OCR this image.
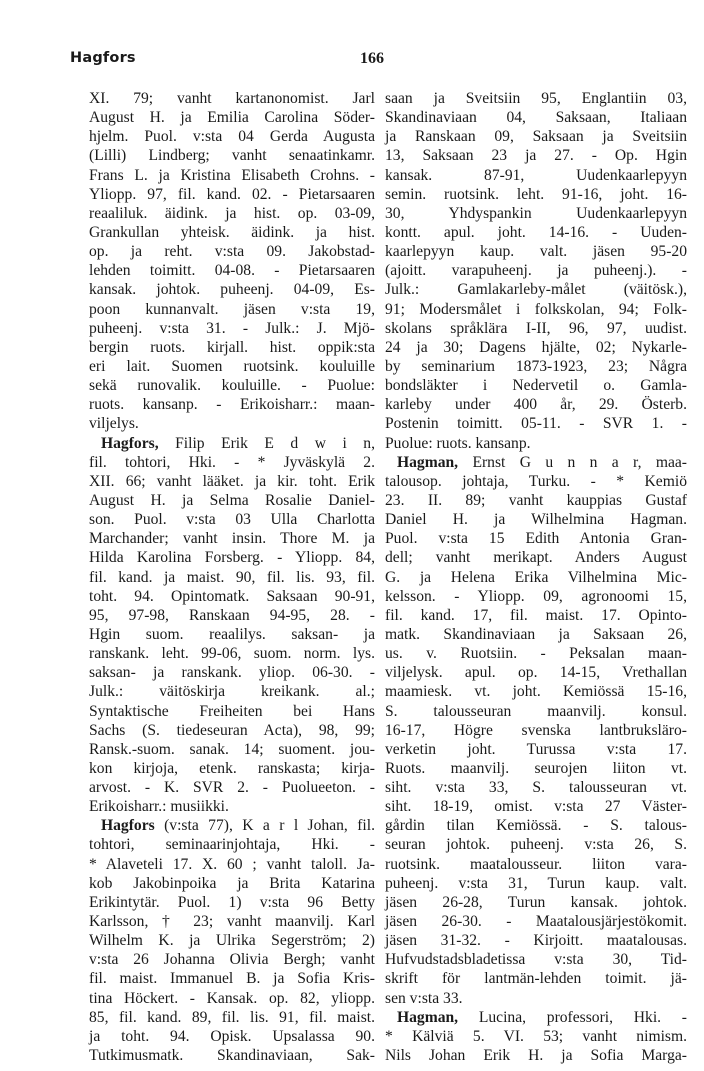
Hagfors	166
XI. 79; vanht kartanonomist. Jarl
August H. ja Emilia Carolina Söder-
hjelm. Puol. v:sta 04 Gerda Augusta
(Lilli) Lindberg; vanht senaatinkamr.
Frans L. ja Kristina Elisabeth Crohns. -
Yliopp. 97, fil. kand. 02. - Pietarsaaren
reaaliluk. äidink. ja hist. op. 03-09,
Grankullan yhteisk. äidink. ja hist.
op. ja reht. v:sta 09. Jakobstad-
lehden toimitt. 04-08. - Pietarsaaren
kansak. johtok. puheenj. 04-09, Es-
poon kunnanvalt. jäsen v:sta 19,
puheenj. v:sta 31. - Julk.: J. Mjö-
bergin ruots. kirjall. hist. oppik:sta
eri lait. Suomen ruotsink. kouluille
sekä runovalik. kouluille. - Puolue:
ruots. kansanp. - Erikoisharr.: maan-
viljelys.
Hagfors, Filip Erik E d w i n,
fil. tohtori, Hki. - * Jyväskylä 2.
XII. 66; vanht lääket. ja kir. toht. Erik
August H. ja Selma Rosalie Daniel-
son. Puol. v:sta 03 Ulla Charlotta
Marchander; vanht insin. Thore M. ja
Hilda Karolina Forsberg. - Yliopp. 84,
fil. kand. ja maist. 90, fil. lis. 93, fil.
toht. 94. Opintomatk. Saksaan 90-91,
95, 97-98, Ranskaan 94-95, 28. -
Hgin suom. reaalilys. saksan- ja
ranskank. leht. 99-06, suom. norm. lys.
saksan- ja ranskank. yliop. 06-30. -
Julk.: väitöskirja kreikank. al.;
Syntaktische Freiheiten bei Hans
Sachs (S. tiedeseuran Acta), 98, 99;
Ransk.-suom. sanak. 14; suoment. jou-
kon kirjoja, etenk. ranskasta; kirja-
arvost. - K. SVR 2. - Puolueeton. -
Erikoisharr.: musiikki.
Hagfors (v:sta 77), K a r l Johan, fil.
tohtori, seminaarinjohtaja, Hki. -
* Alaveteli 17. X. 60 ; vanht taloll. Ja-
kob Jakobinpoika ja Brita Katarina
Erikintytär. Puol. 1) v:sta 96 Betty
Karlsson, † 23; vanht maanvilj. Karl
Wilhelm K. ja Ulrika Segerström; 2)
v:sta 26 Johanna Olivia Bergh; vanht
fil. maist. Immanuel B. ja Sofia Kris-
tina Höckert. - Kansak. op. 82, yliopp.
85, fil. kand. 89, fil. lis. 91, fil. maist.
ja toht. 94. Opisk. Upsalassa 90.
Tutkimusmatk. Skandinaviaan, Sak-
saan ja Sveitsiin 95, Englantiin 03,
Skandinaviaan 04, Saksaan, Italiaan
ja Ranskaan 09, Saksaan ja Sveitsiin
13, Saksaan 23 ja 27. - Op. Hgin
kansak. 87-91, Uudenkaarlepyyn
semin. ruotsink. leht. 91-16, joht. 16-
30, Yhdyspankin Uudenkaarlepyyn
kontt. apul. joht. 14-16. - Uuden-
kaarlepyyn kaup. valt. jäsen 95-20
(ajoitt. varapuheenj. ja puheenj.). -
Julk.: Gamlakarleby-målet (väitösk.),
91; Modersmålet i folkskolan, 94; Folk-
skolans språklära I-II, 96, 97, uudist.
24 ja 30; Dagens hjälte, 02; Nykarle-
by seminarium 1873-1923, 23; Några
bondsläkter i Nedervetil o. Gamla-
karleby under 400 år, 29. Österb.
Postenin toimitt. 05-11. - SVR 1. -
Puolue: ruots. kansanp.
Hagman, Ernst G u n n a r, maa-
talousop. johtaja, Turku. - * Kemiö
23. II. 89; vanht kauppias Gustaf
Daniel H. ja Wilhelmina Hagman.
Puol. v:sta 15 Edith Antonia Gran-
dell; vanht merikapt. Anders August
G. ja Helena Erika Vilhelmina Mic-
kelsson. - Yliopp. 09, agronoomi 15,
fil. kand. 17, fil. maist. 17. Opinto-
matk. Skandinaviaan ja Saksaan 26,
us. v. Ruotsiin. - Peksalan maan-
viljelysk. apul. op. 14-15, Vrethallan
maamiesk. vt. joht. Kemiössä 15-16,
S. talousseuran maanvilj. konsul.
16-17, Högre svenska lantbruksläro-
verketin joht. Turussa v:sta 17.
Ruots. maanvilj. seurojen liiton vt.
siht. v:sta 33, S. talousseuran vt.
siht. 18-19, omist. v:sta 27 Väster-
gårdin tilan Kemiössä. - S. talous-
seuran johtok. puheenj. v:sta 26, S.
ruotsink. maatalousseur. liiton vara-
puheenj. v:sta 31, Turun kaup. valt.
jäsen 26-28, Turun kansak. johtok.
jäsen 26-30. - Maatalousjärjestökomit.
jäsen 31-32. - Kirjoitt. maatalousas.
Hufvudstadsbladetissa v:sta 30, Tid-
skrift för lantmän-lehden toimit. jä-
sen v:sta 33.
Hagman, Lucina, professori, Hki. -
* Kälviä 5. VI. 53; vanht nimism.
Nils Johan Erik H. ja Sofia Marga-
